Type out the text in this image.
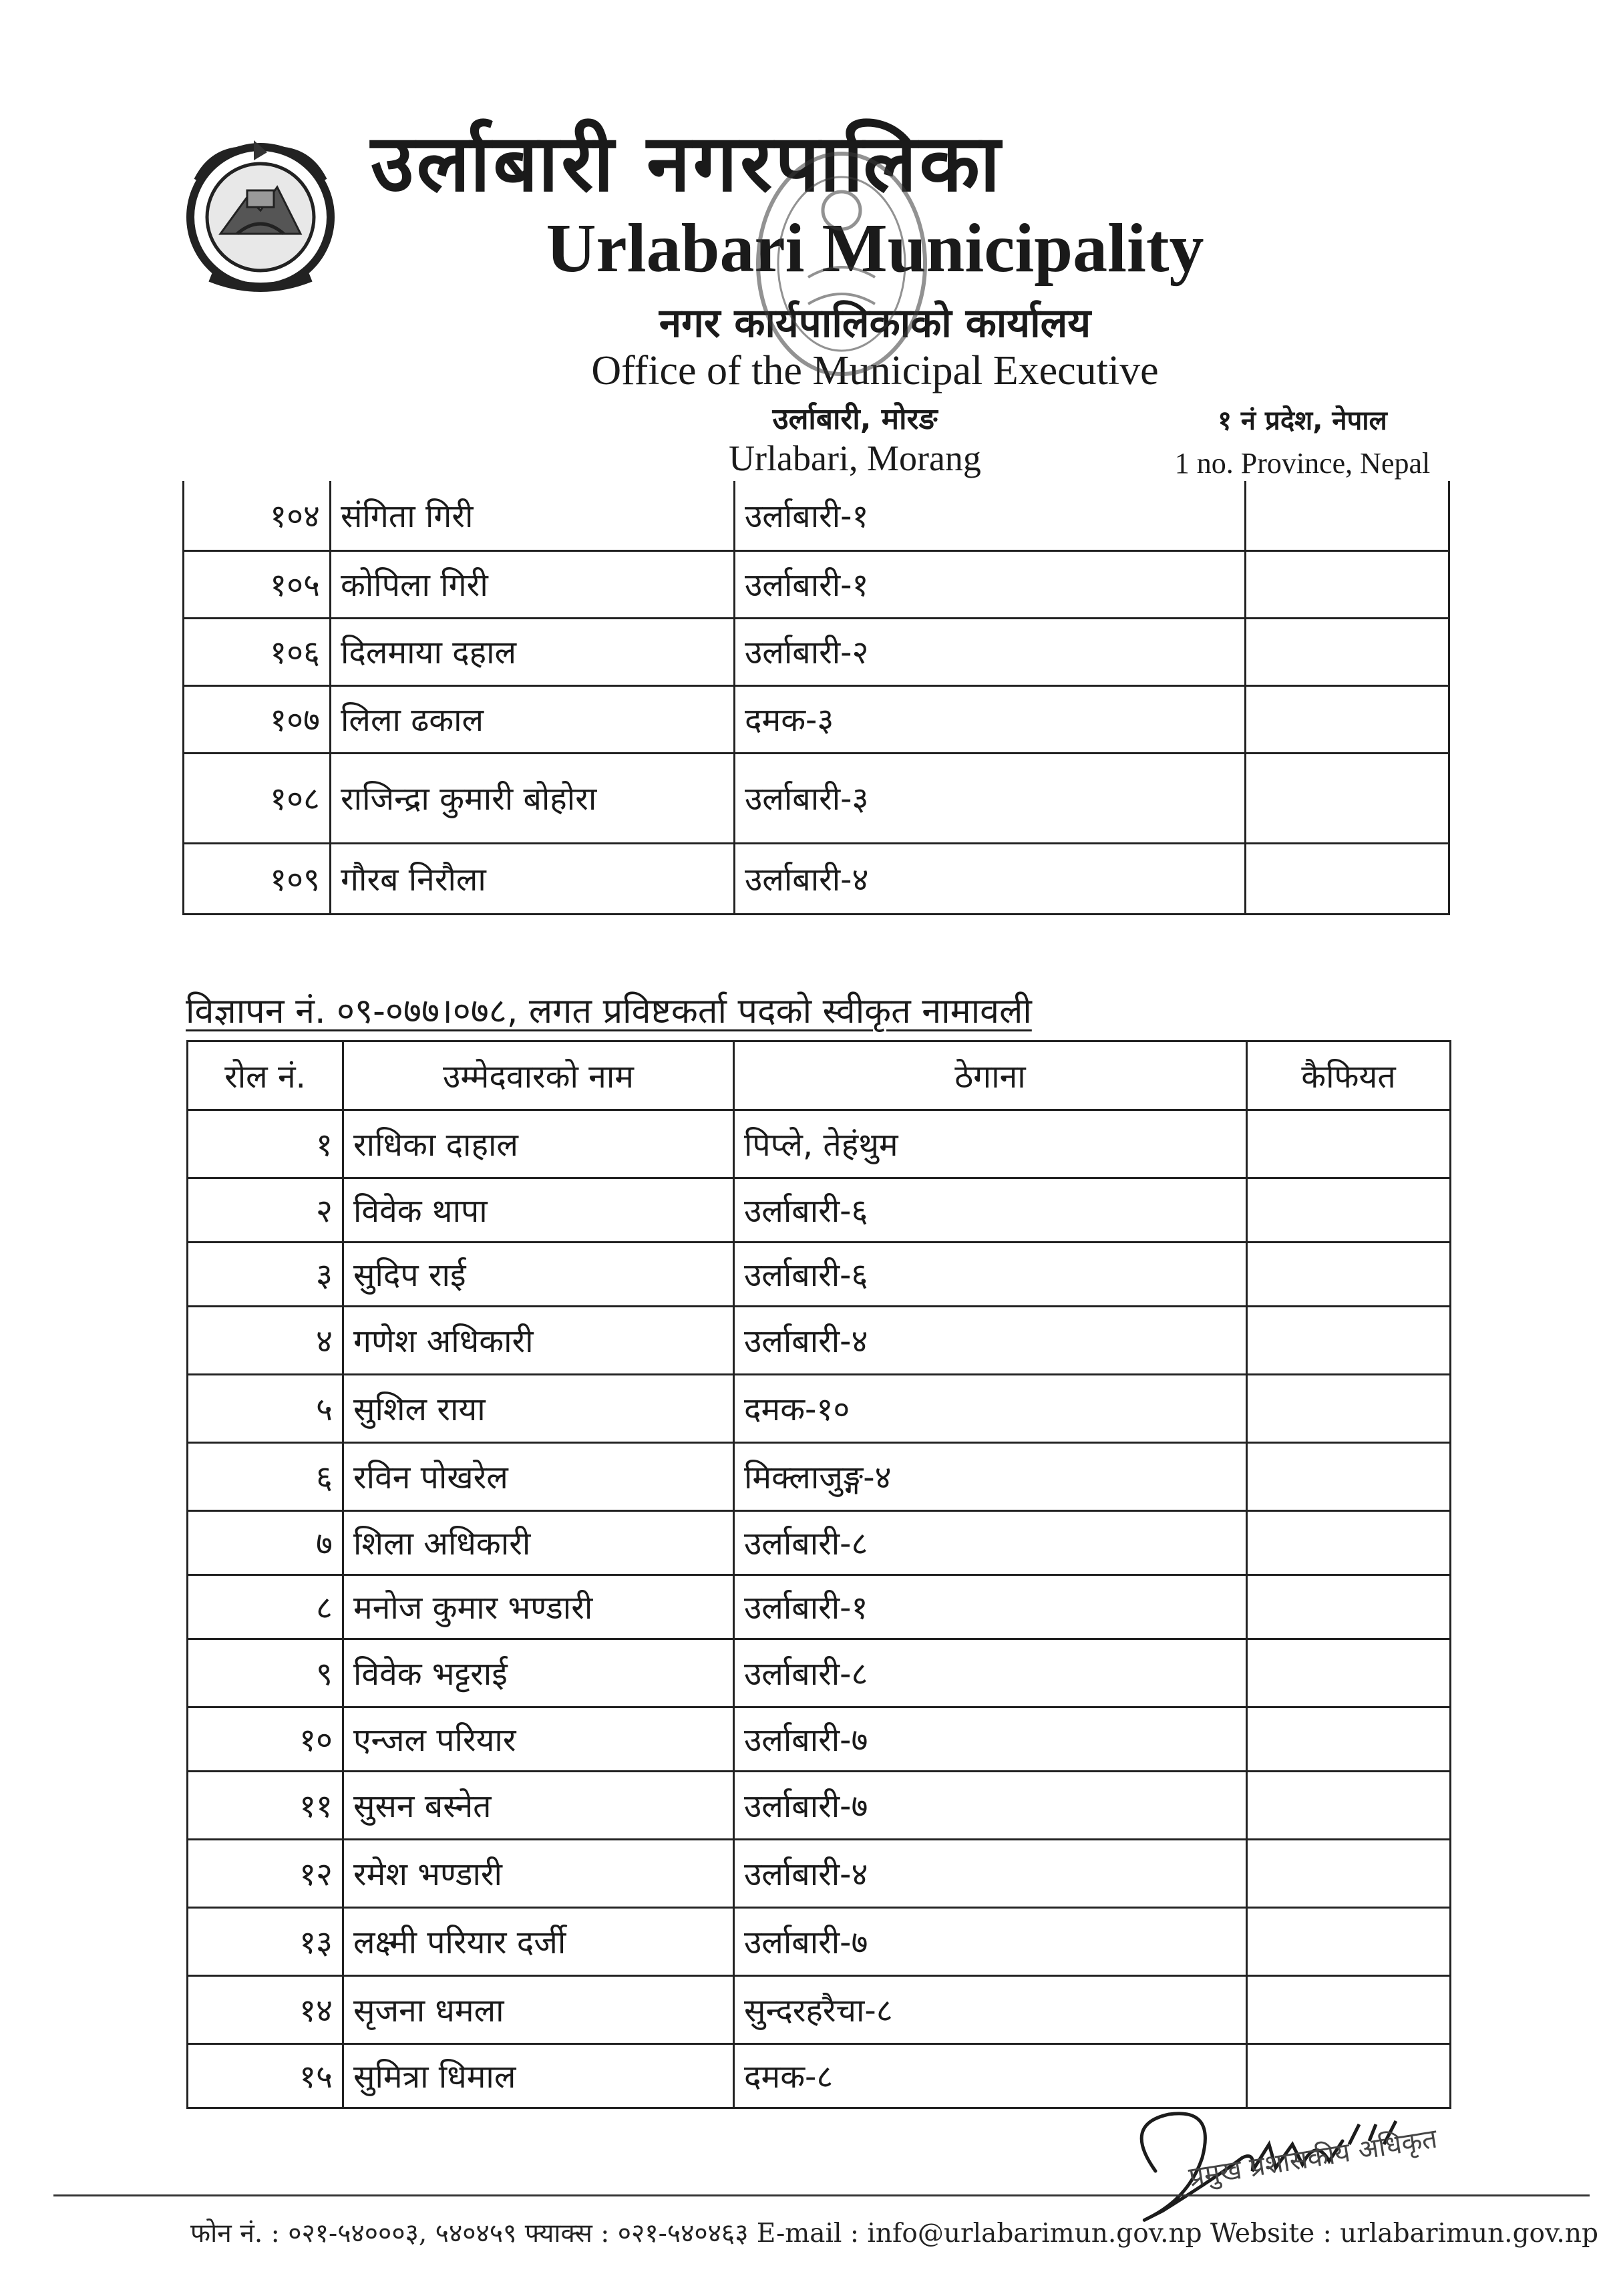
उर्लाबारी नगरपालिका
Urlabari Municipality
नगर कार्यपालिकाको कार्यालय
Office of the Municipal Executive
उर्लाबारी, मोरङ
Urlabari, Morang
१ नं प्रदेश, नेपाल
1 no. Province, Nepal
१०४	संगिता गिरी	उर्लाबारी-१	
१०५	कोपिला गिरी	उर्लाबारी-१	
१०६	दिलमाया दहाल	उर्लाबारी-२	
१०७	लिला ढकाल	दमक-३	
१०८	राजिन्द्रा कुमारी बोहोरा	उर्लाबारी-३	
१०९	गौरब निरौला	उर्लाबारी-४	
विज्ञापन नं. ०९-०७७।०७८, लगत प्रविष्टकर्ता पदको स्वीकृत नामावली
रोल नं.	उम्मेदवारको नाम	ठेगाना	कैफियत
१	राधिका दाहाल	पिप्ले, तेहंथुम	
२	विवेक थापा	उर्लाबारी-६	
३	सुदिप राई	उर्लाबारी-६	
४	गणेश अधिकारी	उर्लाबारी-४	
५	सुशिल राया	दमक-१०	
६	रविन पोखरेल	मिक्लाजुङ्ग-४	
७	शिला अधिकारी	उर्लाबारी-८	
८	मनोज कुमार भण्डारी	उर्लाबारी-१	
९	विवेक भट्टराई	उर्लाबारी-८	
१०	एन्जल परियार	उर्लाबारी-७	
११	सुसन बस्नेत	उर्लाबारी-७	
१२	रमेश भण्डारी	उर्लाबारी-४	
१३	लक्ष्मी परियार दर्जी	उर्लाबारी-७	
१४	सृजना धमला	सुन्दरहरैचा-८	
१५	सुमित्रा धिमाल	दमक-८	
प्रमुख प्रशासकीय अधिकृत
फोन नं. : ०२१-५४०००३, ५४०४५९ फ्याक्स : ०२१-५४०४६३ E-mail : info@urlabarimun.gov.np Website : urlabarimun.gov.np
